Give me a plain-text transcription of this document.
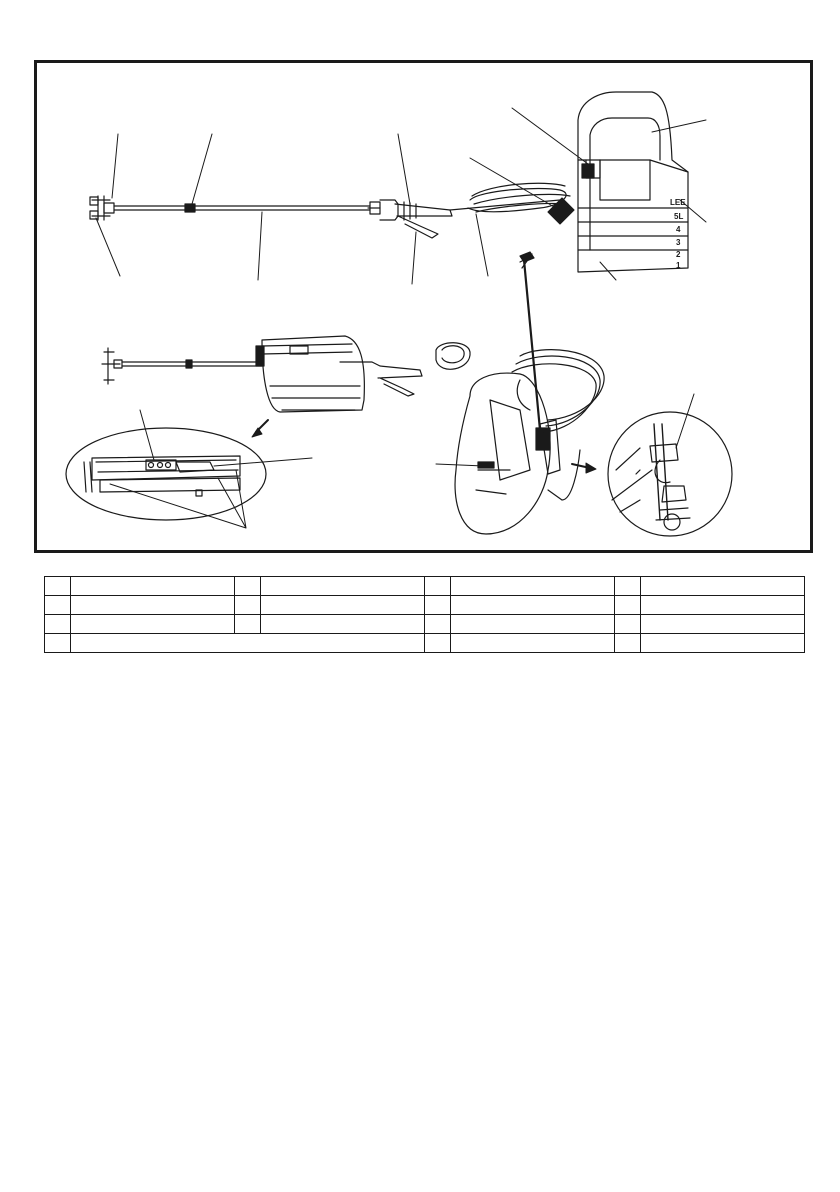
LEE
5L
4
3
2
1
